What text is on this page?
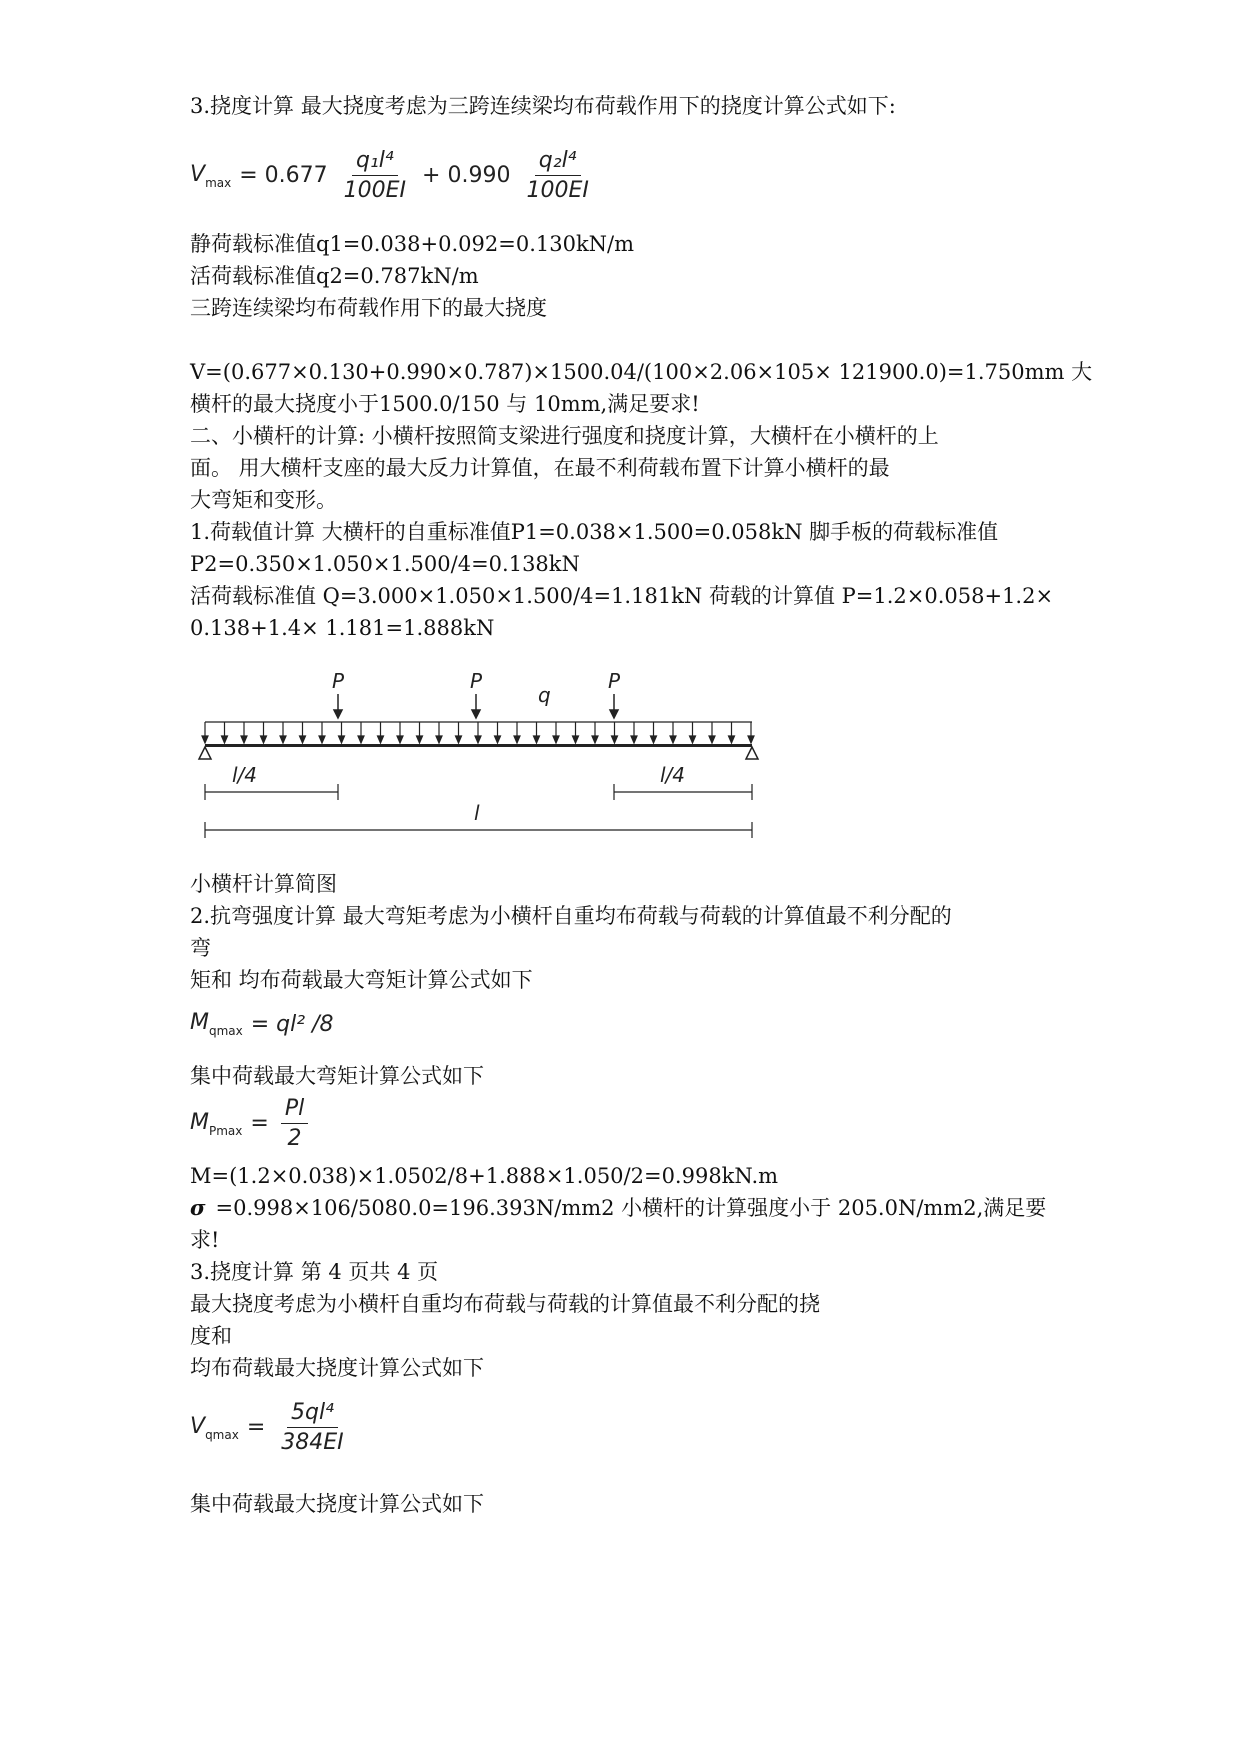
3.挠度计算 最大挠度考虑为三跨连续梁均布荷载作用下的挠度计算公式如下:
$V_{max} = 0.677 \frac{\text{q₁l⁴}}{100EI} + 0.990 \frac{\text{q₂l⁴}}{100EI}$
静荷载标准值q1=0.038+0.092=0.130kN/m
活荷载标准值q2=0.787kN/m
三跨连续梁均布荷载作用下的最大挠度
V=(0.677×0.130+0.990×0.787)×1500.04/(100×2.06×105× 121900.0)=1.750mm 大
横杆的最大挠度小于1500.0/150 与 10mm,满足要求!
二、小横杆的计算: 小横杆按照简支梁进行强度和挠度计算，大横杆在小横杆的上
面。 用大横杆支座的最大反力计算值，在最不利荷载布置下计算小横杆的最
大弯矩和变形。
1.荷载值计算 大横杆的自重标准值P1=0.038×1.500=0.058kN 脚手板的荷载标准值
P2=0.350×1.050×1.500/4=0.138kN
活荷载标准值 Q=3.000×1.050×1.500/4=1.181kN 荷载的计算值 P=1.2×0.058+1.2×
0.138+1.4× 1.181=1.888kN
P	P	P
q
l/4	l/4
l
小横杆计算简图
2.抗弯强度计算 最大弯矩考虑为小横杆自重均布荷载与荷载的计算值最不利分配的
弯
矩和 均布荷载最大弯矩计算公式如下
$M_{qmax} = ql^2$ /8
集中荷载最大弯矩计算公式如下
$M_{Pmax} = \frac{Pl}{2}$
M=(1.2×0.038)×1.0502/8+1.888×1.050/2=0.998kN.m
σ =0.998×106/5080.0=196.393N/mm2 小横杆的计算强度小于 205.0N/mm2,满足要
求!
3.挠度计算 第 4 页共 4 页
最大挠度考虑为小横杆自重均布荷载与荷载的计算值最不利分配的挠
度和
均布荷载最大挠度计算公式如下
$V_{qmax} = \frac{\text{5ql⁴}}{384EI}$
集中荷载最大挠度计算公式如下
